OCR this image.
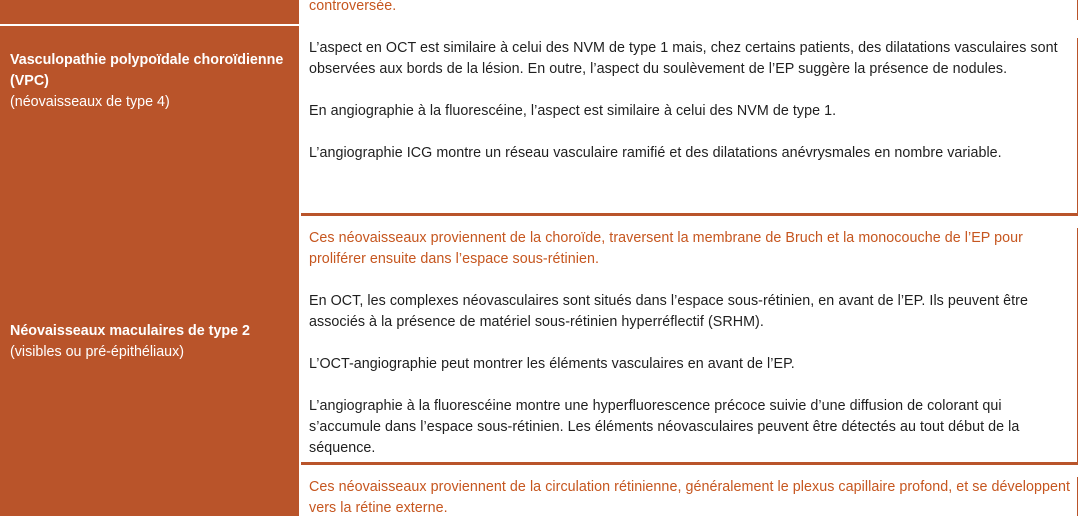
controversée.

Vasculopathie polypoïdale choroïdienne (VPC)

(néovaisseaux de type 4)

L’aspect en OCT est similaire à celui des NVM de type 1 mais, chez certains patients, des dilatations vasculaires sont observées aux bords de la lésion. En outre, l’aspect du soulèvement de l’EP suggère la présence de nodules.

En angiographie à la fluorescéine, l’aspect est similaire à celui des NVM de type 1.

L’angiographie ICG montre un réseau vasculaire ramifié et des dilatations anévrysmales en nombre variable.

Néovaisseaux maculaires de type 2

(visibles ou pré-épithéliaux)

Ces néovaisseaux proviennent de la choroïde, traversent la membrane de Bruch et la monocouche de l’EP pour proliférer ensuite dans l’espace sous-rétinien.

En OCT, les complexes néovasculaires sont situés dans l’espace sous-rétinien, en avant de l’EP. Ils peuvent être associés à la présence de matériel sous-rétinien hyperréflectif (SRHM).

L’OCT-angiographie peut montrer les éléments vasculaires en avant de l’EP.

L’angiographie à la fluorescéine montre une hyperfluorescence précoce suivie d’une diffusion de colorant qui s’accumule dans l’espace sous-rétinien. Les éléments néovasculaires peuvent être détectés au tout début de la séquence.

Ces néovaisseaux proviennent de la circulation rétinienne, généralement le plexus capillaire profond, et se développent vers la rétine externe.
